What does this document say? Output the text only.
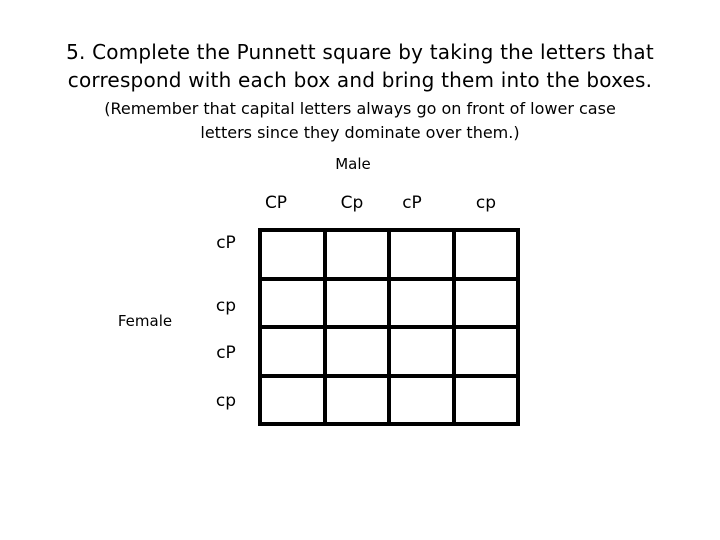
5. Complete the Punnett square by taking the letters that
correspond with each box and bring them into the boxes.
(Remember that capital letters always go on front of lower case
letters since they dominate over them.)
Male
CP	Cp	cP	cp
Female
cP
cp
cP
cp
